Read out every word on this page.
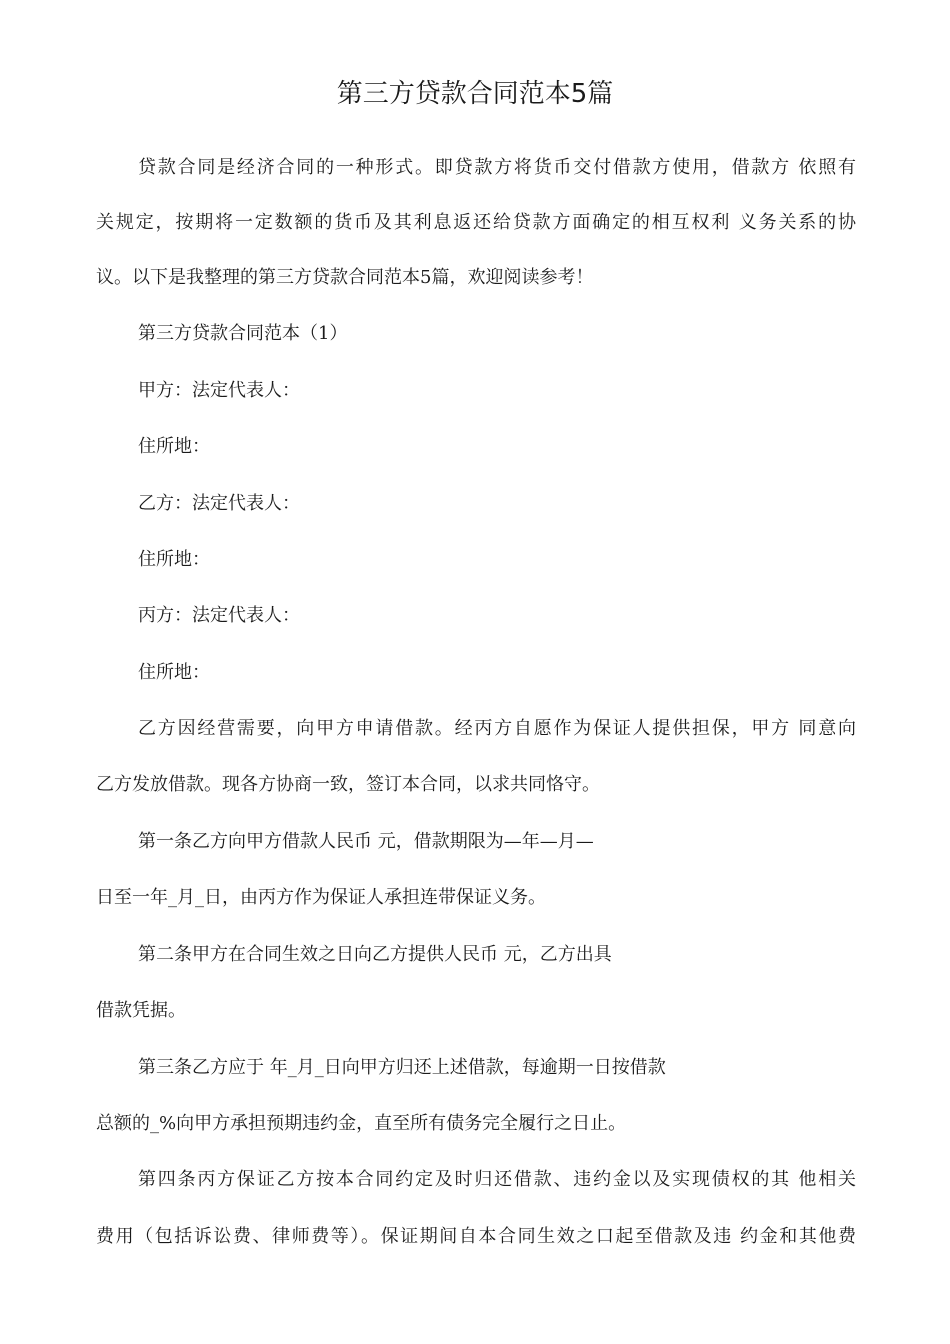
第三方贷款合同范本5篇

贷款合同是经济合同的一种形式。即贷款方将货币交付借款方使用，借款方 依照有

关规定，按期将一定数额的货币及其利息返还给贷款方面确定的相互权利 义务关系的协

议。以下是我整理的第三方贷款合同范本5篇，欢迎阅读参考！

第三方贷款合同范本（1）

甲方：法定代表人：

住所地：

乙方：法定代表人：

住所地：

丙方：法定代表人：

住所地：

乙方因经营需要，向甲方申请借款。经丙方自愿作为保证人提供担保，甲方 同意向

乙方发放借款。现各方协商一致，签订本合同，以求共同恪守。

第一条乙方向甲方借款人民币 元，借款期限为—年—月—

日至一年_月_日，由丙方作为保证人承担连带保证义务。

第二条甲方在合同生效之日向乙方提供人民币 元，乙方出具

借款凭据。

第三条乙方应于 年_月_日向甲方归还上述借款，每逾期一日按借款

总额的_%向甲方承担预期违约金，直至所有债务完全履行之日止。

第四条丙方保证乙方按本合同约定及时归还借款、违约金以及实现债权的其 他相关

费用（包括诉讼费、律师费等）。保证期间自本合同生效之口起至借款及违 约金和其他费
